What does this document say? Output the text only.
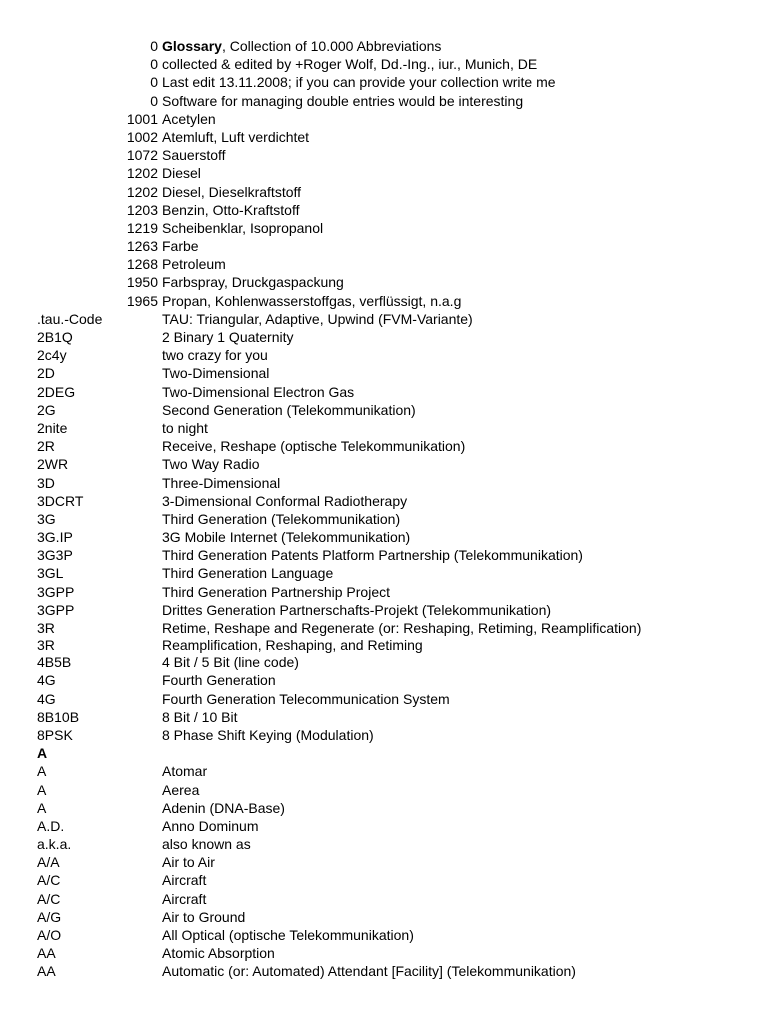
0 Glossary, Collection of 10.000 Abbreviations
0 collected & edited by +Roger Wolf, Dd.-Ing., iur., Munich, DE
0 Last edit 13.11.2008; if you can provide your collection write me
0 Software for managing double entries would be interesting
1001 Acetylen
1002 Atemluft, Luft verdichtet
1072 Sauerstoff
1202 Diesel
1202 Diesel, Dieselkraftstoff
1203 Benzin, Otto-Kraftstoff
1219 Scheibenklar, Isopropanol
1263 Farbe
1268 Petroleum
1950 Farbspray, Druckgaspackung
1965 Propan, Kohlenwasserstoffgas, verflüssigt, n.a.g
.tau.-Code	TAU: Triangular, Adaptive, Upwind (FVM-Variante)
2B1Q	2 Binary 1 Quaternity
2c4y	two crazy for you
2D	Two-Dimensional
2DEG	Two-Dimensional Electron Gas
2G	Second Generation (Telekommunikation)
2nite	to night
2R	Receive, Reshape (optische Telekommunikation)
2WR	Two Way Radio
3D	Three-Dimensional
3DCRT	3-Dimensional Conformal Radiotherapy
3G	Third Generation (Telekommunikation)
3G.IP	3G Mobile Internet (Telekommunikation)
3G3P	Third Generation Patents Platform Partnership (Telekommunikation)
3GL	Third Generation Language
3GPP	Third Generation Partnership Project
3GPP	Drittes Generation Partnerschafts-Projekt (Telekommunikation)
3R	Retime, Reshape and Regenerate (or: Reshaping, Retiming, Reamplification)
3R	Reamplification, Reshaping, and Retiming
4B5B	4 Bit / 5 Bit (line code)
4G	Fourth Generation
4G	Fourth Generation Telecommunication System
8B10B	8 Bit / 10 Bit
8PSK	8 Phase Shift Keying (Modulation)
A
A	Atomar
A	Aerea
A	Adenin (DNA-Base)
A.D.	Anno Dominum
a.k.a.	also known as
A/A	Air to Air
A/C	Aircraft
A/C	Aircraft
A/G	Air to Ground
A/O	All Optical (optische Telekommunikation)
AA	Atomic Absorption
AA	Automatic (or: Automated) Attendant [Facility] (Telekommunikation)
